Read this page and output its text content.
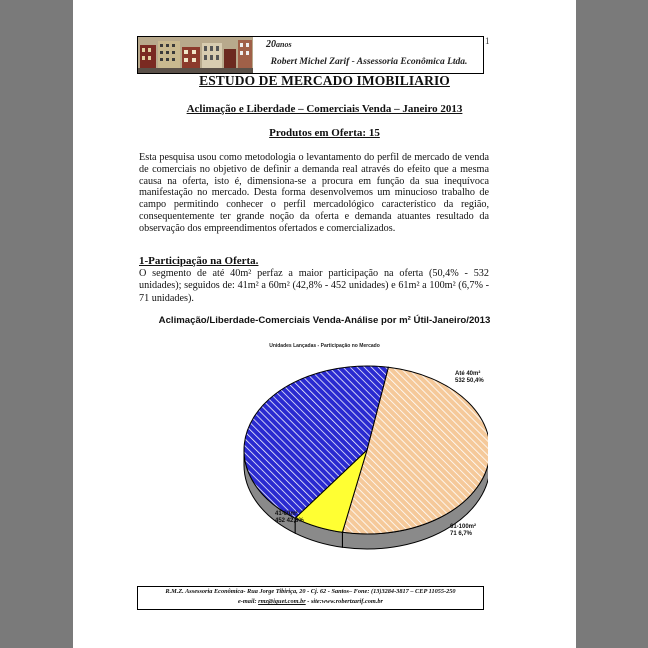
20anos
Robert Michel Zarif - Assessoria Econômica Ltda.
1
ESTUDO DE MERCADO IMOBILIARIO
Aclimação e Liberdade – Comerciais Venda – Janeiro 2013
Produtos em Oferta: 15

Esta pesquisa usou como metodologia o levantamento do perfil de mercado de venda de comerciais no objetivo de definir a demanda real através do efeito que a mesma causa na oferta, isto é, dimensiona-se a procura em função da sua inequívoca manifestação no mercado. Desta forma desenvolvemos um minucioso trabalho de campo permitindo conhecer o perfil mercadológico característico da região, consequentemente ter grande noção da oferta e demanda atuantes resultado da observação dos empreendimentos ofertados e comercializados.

1-Participação na Oferta.

O segmento de até 40m² perfaz a maior participação na oferta (50,4% - 532 unidades); seguidos de: 41m² a 60m² (42,8% - 452 unidades) e 61m² a 100m² (6,7% - 71 unidades).

Aclimação/Liberdade-Comerciais Venda-Análise por m² Útil-Janeiro/2013
Unidades Lançadas - Participação no Mercado
Até 40m²
532 50,4%
61-100m²
71 6,7%
41-60m²
452 42,8%
R.M.Z. Assessoria Econômica- Rua Jorge Tibiriça, 20 - Cj. 62 - Santos– Fone: (13)3284-3817 – CEP 11055-250
e-mail: rmz@iguet.com.br - site:www.robertzarif.com.br
